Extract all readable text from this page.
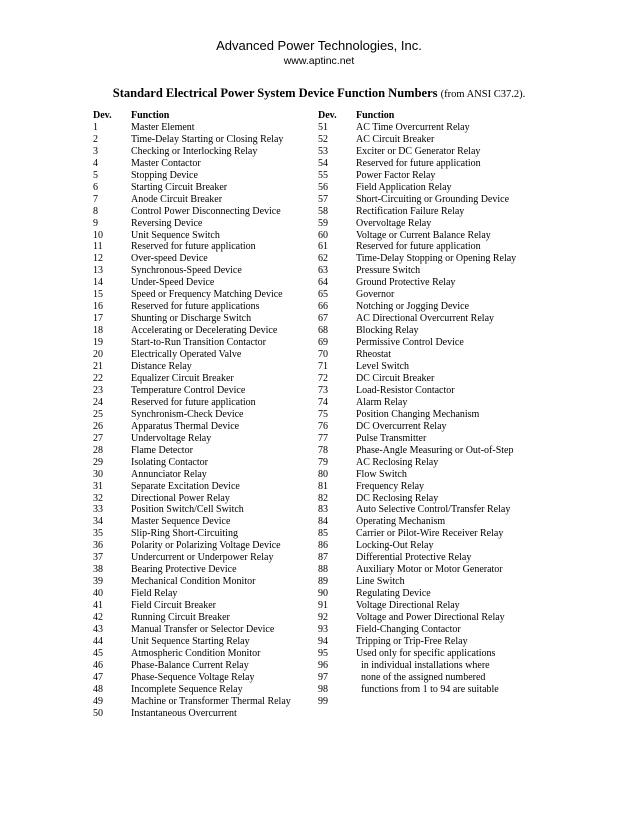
Advanced Power Technologies, Inc.
www.aptinc.net
Standard Electrical Power System Device Function Numbers (from ANSI C37.2).
Dev.	Function
1	Master Element
2	Time-Delay Starting or Closing Relay
3	Checking or Interlocking Relay
4	Master Contactor
5	Stopping Device
6	Starting Circuit Breaker
7	Anode Circuit Breaker
8	Control Power Disconnecting Device
9	Reversing Device
10	Unit Sequence Switch
11	Reserved for future application
12	Over-speed Device
13	Synchronous-Speed Device
14	Under-Speed Device
15	Speed or Frequency Matching Device
16	Reserved for future applications
17	Shunting or Discharge Switch
18	Accelerating or Decelerating Device
19	Start-to-Run Transition Contactor
20	Electrically Operated Valve
21	Distance Relay
22	Equalizer Circuit Breaker
23	Temperature Control Device
24	Reserved for future application
25	Synchronism-Check Device
26	Apparatus Thermal Device
27	Undervoltage Relay
28	Flame Detector
29	Isolating Contactor
30	Annunciator Relay
31	Separate Excitation Device
32	Directional Power Relay
33	Position Switch/Cell Switch
34	Master Sequence Device
35	Slip-Ring Short-Circuiting
36	Polarity or Polarizing Voltage Device
37	Undercurrent or Underpower Relay
38	Bearing Protective Device
39	Mechanical Condition Monitor
40	Field Relay
41	Field Circuit Breaker
42	Running Circuit Breaker
43	Manual Transfer or Selector Device
44	Unit Sequence Starting Relay
45	Atmospheric Condition Monitor
46	Phase-Balance Current Relay
47	Phase-Sequence Voltage Relay
48	Incomplete Sequence Relay
49	Machine or Transformer Thermal Relay
50	Instantaneous Overcurrent
Dev.	Function
51	AC Time Overcurrent Relay
52	AC Circuit Breaker
53	Exciter or DC Generator Relay
54	Reserved for future application
55	Power Factor Relay
56	Field Application Relay
57	Short-Circuiting or Grounding Device
58	Rectification Failure Relay
59	Overvoltage Relay
60	Voltage or Current Balance Relay
61	Reserved for future application
62	Time-Delay Stopping or Opening Relay
63	Pressure Switch
64	Ground Protective Relay
65	Governor
66	Notching or Jogging Device
67	AC Directional Overcurrent Relay
68	Blocking Relay
69	Permissive Control Device
70	Rheostat
71	Level Switch
72	DC Circuit Breaker
73	Load-Resistor Contactor
74	Alarm Relay
75	Position Changing Mechanism
76	DC Overcurrent Relay
77	Pulse Transmitter
78	Phase-Angle Measuring or Out-of-Step
79	AC Reclosing Relay
80	Flow Switch
81	Frequency Relay
82	DC Reclosing Relay
83	Auto Selective Control/Transfer Relay
84	Operating Mechanism
85	Carrier or Pilot-Wire Receiver Relay
86	Locking-Out Relay
87	Differential Protective Relay
88	Auxiliary Motor or Motor Generator
89	Line Switch
90	Regulating Device
91	Voltage Directional Relay
92	Voltage and Power Directional Relay
93	Field-Changing Contactor
94	Tripping or Trip-Free Relay
95	Used only for specific applications
96	in individual installations where
97	none of the assigned numbered
98	functions from 1 to 94 are suitable
99
